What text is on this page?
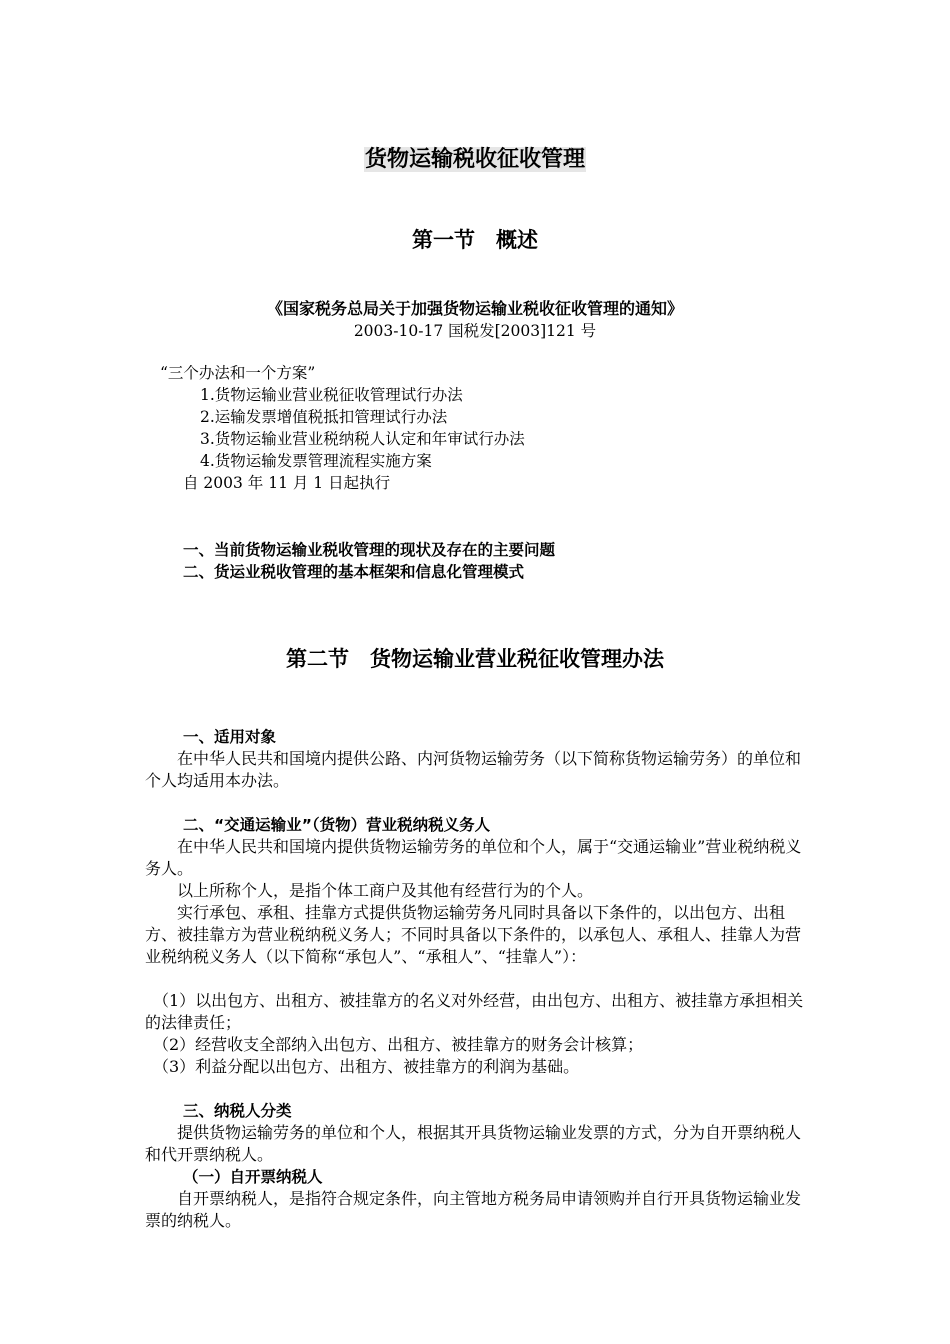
货物运输税收征收管理
第一节　概述
《国家税务总局关于加强货物运输业税收征收管理的通知》
2003-10-17 国税发[2003]121 号
“三个办法和一个方案”
1.货物运输业营业税征收管理试行办法
2.运输发票增值税抵扣管理试行办法
3.货物运输业营业税纳税人认定和年审试行办法
4.货物运输发票管理流程实施方案
自 2003 年 11 月 1 日起执行
一、当前货物运输业税收管理的现状及存在的主要问题
二、货运业税收管理的基本框架和信息化管理模式
第二节　货物运输业营业税征收管理办法
一、适用对象
　　在中华人民共和国境内提供公路、内河货物运输劳务（以下简称货物运输劳务）的单位和个人均适用本办法。
二、“交通运输业”（货物）营业税纳税义务人
　　在中华人民共和国境内提供货物运输劳务的单位和个人，属于“交通运输业”营业税纳税义务人。
　　以上所称个人，是指个体工商户及其他有经营行为的个人。
　　实行承包、承租、挂靠方式提供货物运输劳务凡同时具备以下条件的，以出包方、出租方、被挂靠方为营业税纳税义务人；不同时具备以下条件的，以承包人、承租人、挂靠人为营业税纳税义务人（以下简称“承包人”、“承租人”、“挂靠人”）：
　（1）以出包方、出租方、被挂靠方的名义对外经营，由出包方、出租方、被挂靠方承担相关的法律责任；
　（2）经营收支全部纳入出包方、出租方、被挂靠方的财务会计核算；
　（3）利益分配以出包方、出租方、被挂靠方的利润为基础。
三、纳税人分类
　　提供货物运输劳务的单位和个人，根据其开具货物运输业发票的方式，分为自开票纳税人和代开票纳税人。
（一）自开票纳税人
　　自开票纳税人，是指符合规定条件，向主管地方税务局申请领购并自行开具货物运输业发票的纳税人。
